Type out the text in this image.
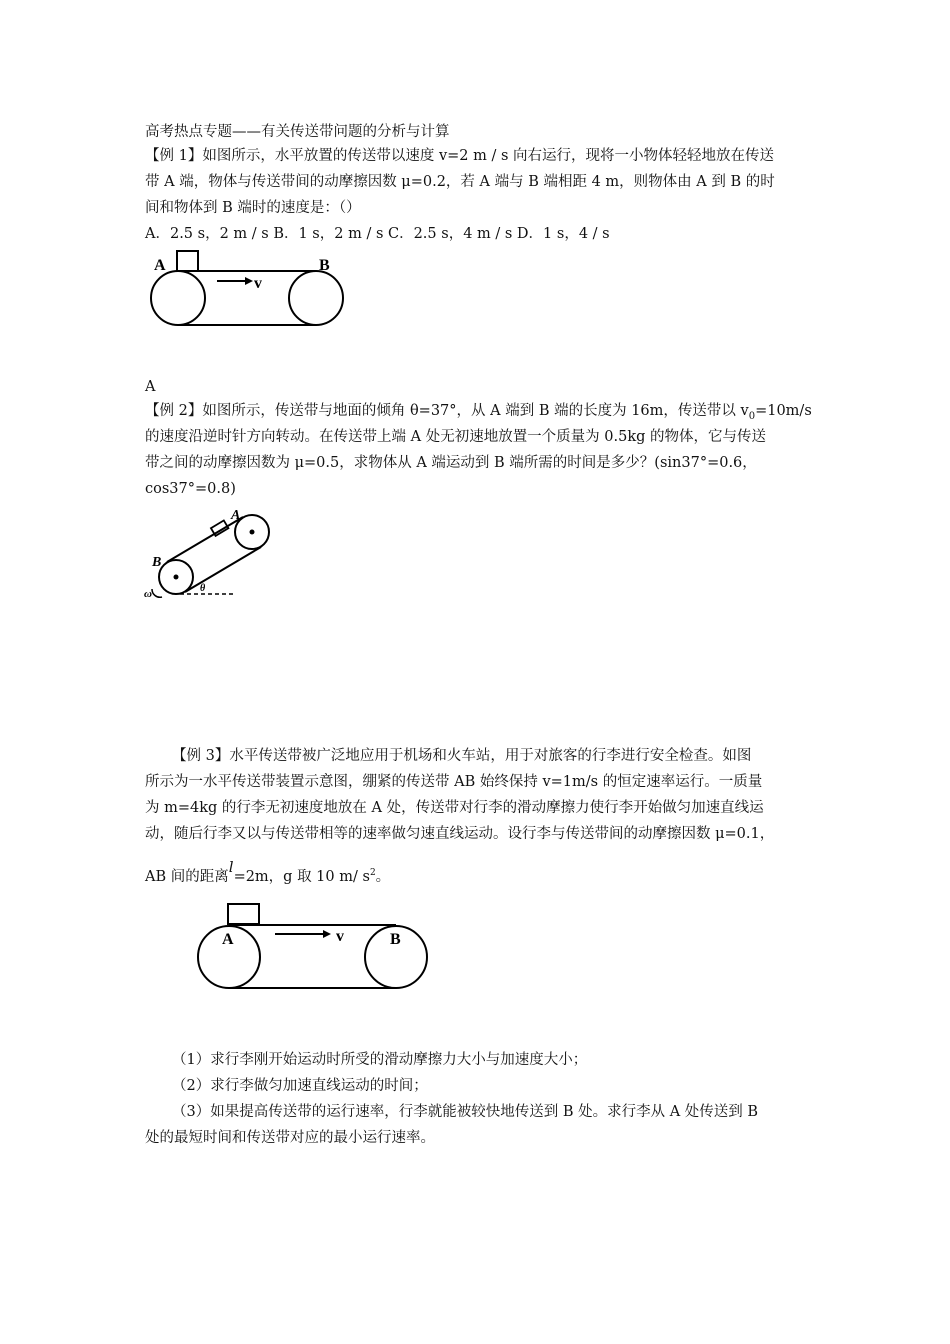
高考热点专题——有关传送带问题的分析与计算
【例 1】如图所示，水平放置的传送带以速度 v=2 m / s 向右运行，现将一小物体轻轻地放在传送
带 A 端，物体与传送带间的动摩擦因数 μ=0.2，若 A 端与 B 端相距 4 m，则物体由 A 到 B 的时
间和物体到 B 端时的速度是：（）
A．2.5 s，2 m / s B．1 s，2 m / s C．2.5 s，4 m / s D．1 s，4 / s
A	B
v
A
【例 2】如图所示，传送带与地面的倾角 θ=37°，从 A 端到 B 端的长度为 16m，传送带以 $v_0=10m/s$
的速度沿逆时针方向转动。在传送带上端 A 处无初速地放置一个质量为 0.5kg 的物体，它与传送
带之间的动摩擦因数为 μ=0.5，求物体从 A 端运动到 B 端所需的时间是多少？(sin37°=0.6，
cos37°=0.8)
A
B
θ
ω
【例 3】水平传送带被广泛地应用于机场和火车站，用于对旅客的行李进行安全检查。如图
所示为一水平传送带装置示意图，绷紧的传送带 AB 始终保持 v=1m/s 的恒定速率运行。一质量
为 m=4kg 的行李无初速度地放在 A 处，传送带对行李的滑动摩擦力使行李开始做匀加速直线运
动，随后行李又以与传送带相等的速率做匀速直线运动。设行李与传送带间的动摩擦因数 μ=0.1，
AB 间的距离l=2m，g 取 10 m/ $s^2$。
A	B
v
（1）求行李刚开始运动时所受的滑动摩擦力大小与加速度大小；
（2）求行李做匀加速直线运动的时间；
（3）如果提高传送带的运行速率，行李就能被较快地传送到 B 处。求行李从 A 处传送到 B
处的最短时间和传送带对应的最小运行速率。
